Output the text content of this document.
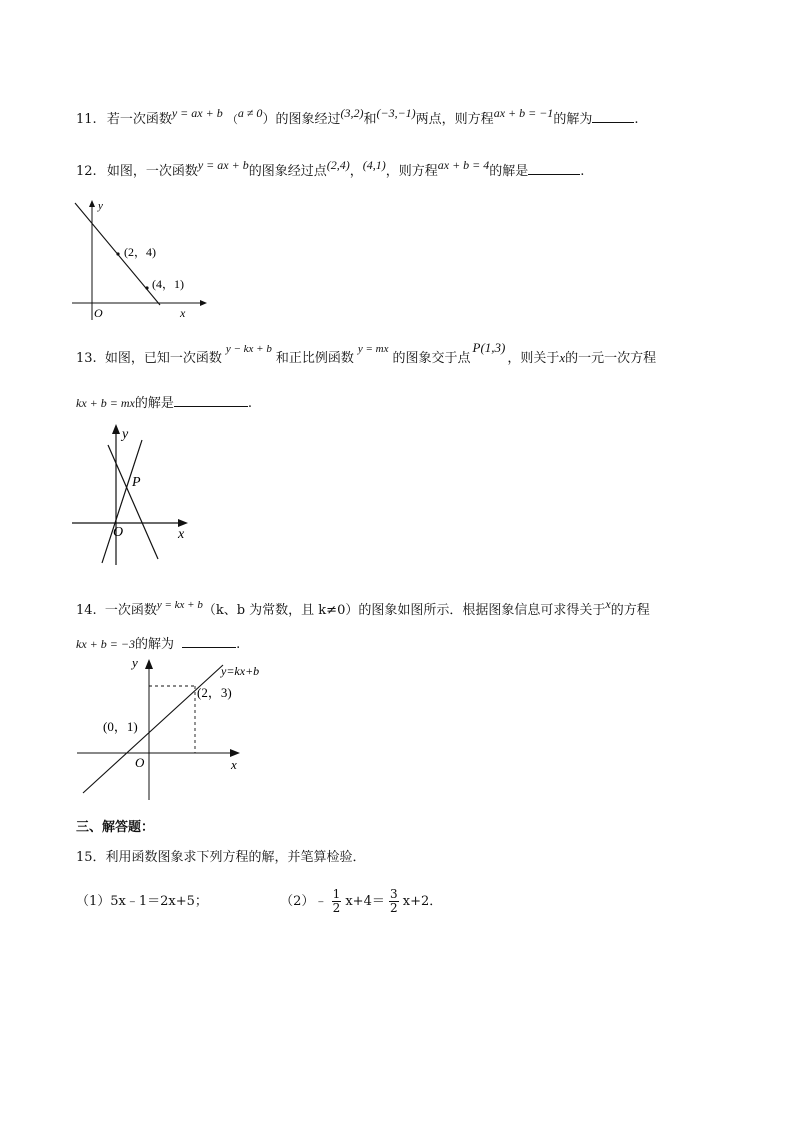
11. 若一次函数y = ax + b （a ≠ 0）的图象经过(3,2)和(−3,−1)两点，则方程ax + b = −1的解为	.
12. 如图，一次函数y = ax + b的图象经过点(2,4)，(4,1)，则方程ax + b = 4的解是	.
y
x
O
(2，4)
(4，1)
13. 如图，已知一次函数$^{y - kx + b}$和正比例函数$^{y = mx}$的图象交于点P(1,3)，则关于x的一元一次方程
kx + b = mx的解是	.
y
x
O
P
14. 一次函数$^{y = kx + b}$（k、b 为常数，且 k≠0）的图象如图所示．根据图象信息可求得关于x的方程
kx + b = −3的解为	.
y
x
O
y=kx+b
(0，1)
(2，3)
三、解答题：
15．利用函数图象求下列方程的解，并笔算检验．
（1）5x﹣1＝2x+5；	（2）﹣ $\frac{1}{2} x+4= \frac{3}{2} x+2$．
